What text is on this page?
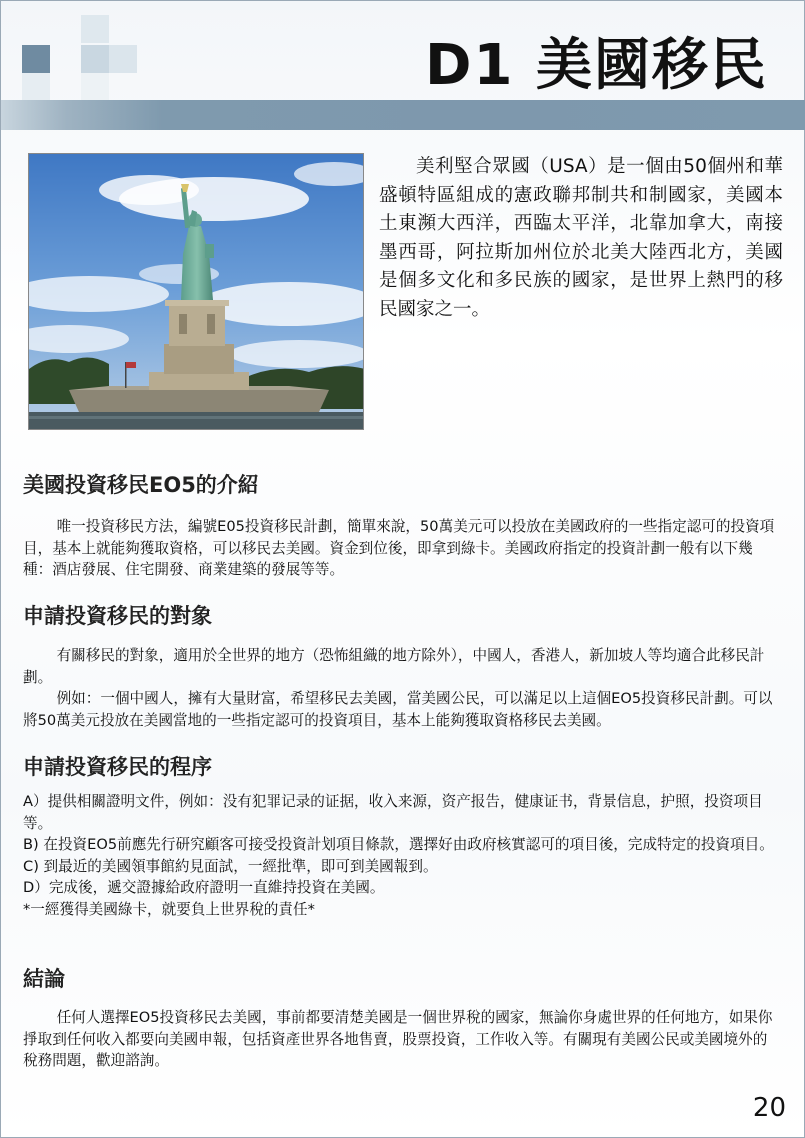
D1 美國移民
美利堅合眾國（USA）是一個由50個州和華盛頓特區組成的憲政聯邦制共和制國家，美國本土東瀕大西洋，西臨太平洋，北靠加拿大，南接墨西哥，阿拉斯加州位於北美大陸西北方，美國是個多文化和多民族的國家，是世界上熱門的移民國家之一。
美國投資移民EO5的介紹
唯一投資移民方法，編號E05投資移民計劃，簡單來說，50萬美元可以投放在美國政府的一些指定認可的投資項目，基本上就能夠獲取資格，可以移民去美國。資金到位後，即拿到綠卡。美國政府指定的投資計劃一般有以下幾種：酒店發展、住宅開發、商業建築的發展等等。
申請投資移民的對象
有關移民的對象，適用於全世界的地方（恐怖組織的地方除外），中國人，香港人，新加坡人等均適合此移民計劃。
例如：一個中國人，擁有大量財富，希望移民去美國，當美國公民，可以滿足以上這個EO5投資移民計劃。可以將50萬美元投放在美國當地的一些指定認可的投資項目，基本上能夠獲取資格移民去美國。
申請投資移民的程序
A）提供相關證明文件，例如：没有犯罪记录的证据，收入来源，资产报告，健康证书，背景信息，护照，投资项目等。
B) 在投資EO5前應先行研究顧客可接受投資計划項目條款，選擇好由政府核實認可的項目後，完成特定的投資項目。
C) 到最近的美國領事館約見面試，一經批準，即可到美國報到。
D）完成後，遞交證據給政府證明一直維持投資在美國。
*一經獲得美國綠卡，就要負上世界稅的責任*
結論
任何人選擇EO5投資移民去美國，事前都要清楚美國是一個世界稅的國家，無論你身處世界的任何地方，如果你掙取到任何收入都要向美國申報，包括資產世界各地售賣，股票投資，工作收入等。有關現有美國公民或美國境外的稅務問題，歡迎諮詢。
20
